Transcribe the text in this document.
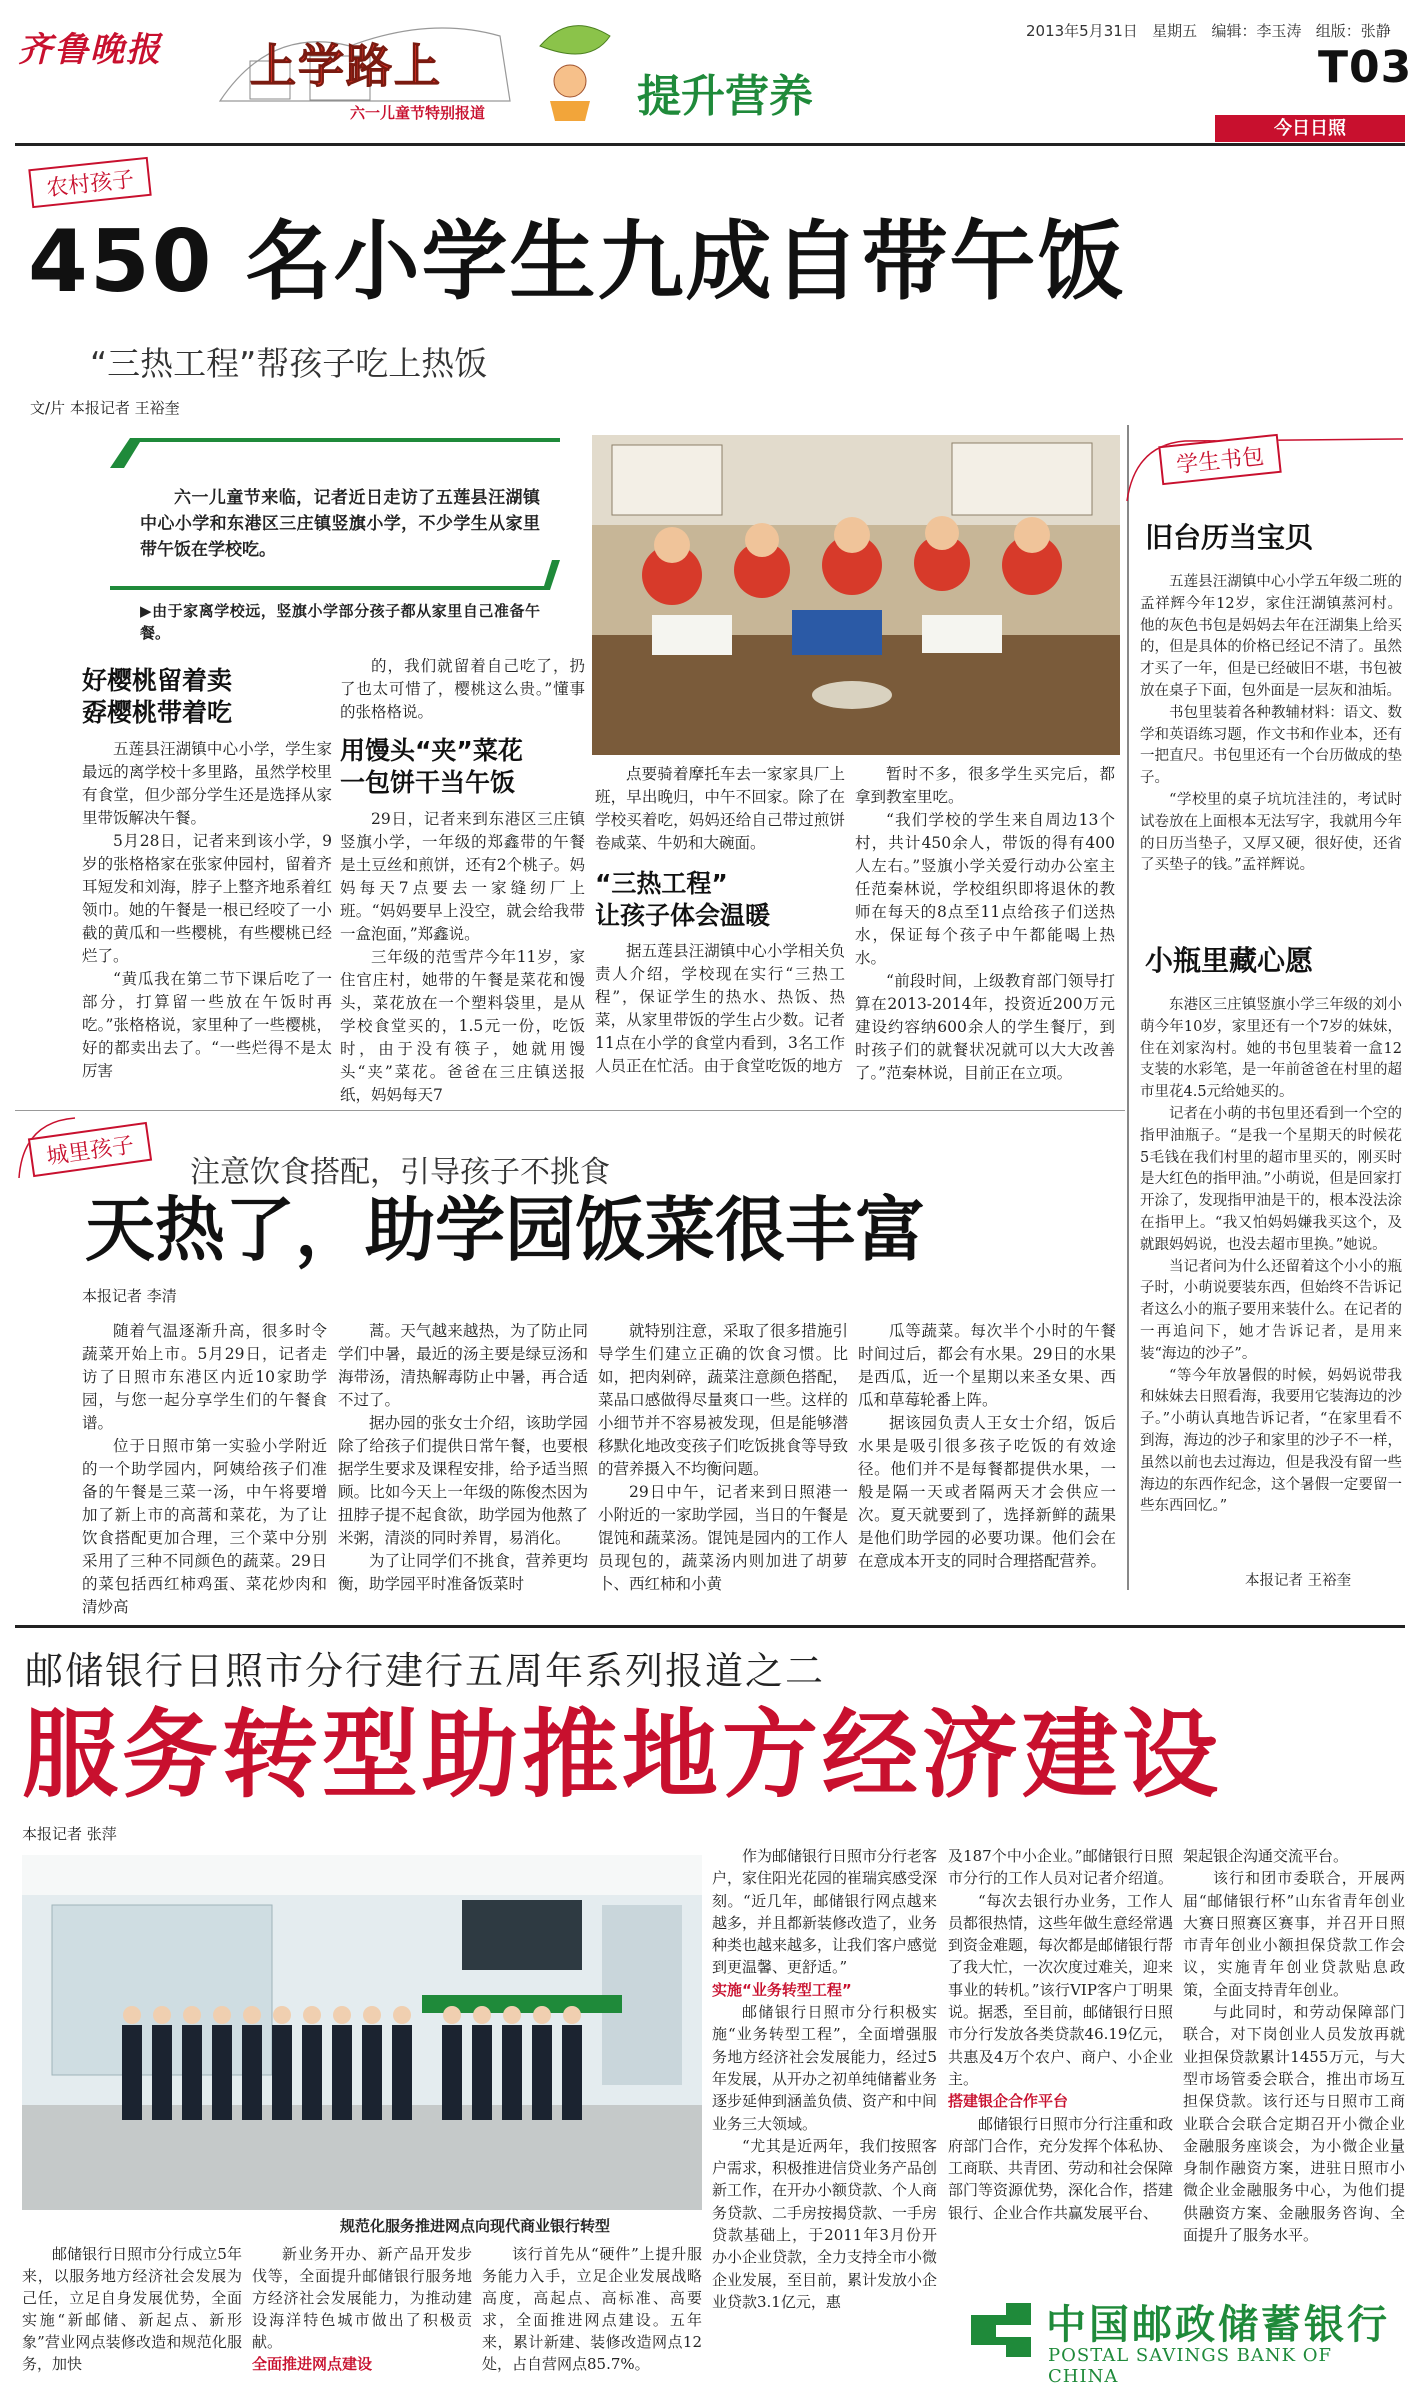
齐鲁晚报 上学路上
六一儿童节特别报道	提升营养
2013年5月31日 星期五 编辑：李玉涛 组版：张静
T03
今日日照
农村孩子
450 名小学生九成自带午饭
“三热工程”帮孩子吃上热饭
文/片 本报记者 王裕奎
六一儿童节来临，记者近日走访了五莲县汪湖镇中心小学和东港区三庄镇竖旗小学，不少学生从家里带午饭在学校吃。
▶由于家离学校远，竖旗小学部分孩子都从家里自己准备午餐。
好樱桃留着卖
孬樱桃带着吃

五莲县汪湖镇中心小学，学生家最远的离学校十多里路，虽然学校里有食堂，但少部分学生还是选择从家里带饭解决午餐。

5月28日，记者来到该小学，9岁的张格格家在张家仲园村，留着齐耳短发和刘海，脖子上整齐地系着红领巾。她的午餐是一根已经咬了一小截的黄瓜和一些樱桃，有些樱桃已经烂了。

“黄瓜我在第二节下课后吃了一部分，打算留一些放在午饭时再吃。”张格格说，家里种了一些樱桃，好的都卖出去了。“一些烂得不是太厉害

的，我们就留着自己吃了，扔了也太可惜了，樱桃这么贵。”懂事的张格格说。

用馒头“夹”菜花
一包饼干当午饭

29日，记者来到东港区三庄镇竖旗小学，一年级的郑鑫带的午餐是土豆丝和煎饼，还有2个桃子。妈妈每天7点要去一家缝纫厂上班。“妈妈要早上没空，就会给我带一盒泡面，”郑鑫说。

三年级的范雪芹今年11岁，家住官庄村，她带的午餐是菜花和馒头，菜花放在一个塑料袋里，是从学校食堂买的，1.5元一份，吃饭时，由于没有筷子，她就用馒头“夹”菜花。爸爸在三庄镇送报纸，妈妈每天7

点要骑着摩托车去一家家具厂上班，早出晚归，中午不回家。除了在学校买着吃，妈妈还给自己带过煎饼卷咸菜、牛奶和大碗面。

“三热工程”
让孩子体会温暖

据五莲县汪湖镇中心小学相关负责人介绍，学校现在实行“三热工程”，保证学生的热水、热饭、热菜，从家里带饭的学生占少数。记者11点在小学的食堂内看到，3名工作人员正在忙活。由于食堂吃饭的地方

暂时不多，很多学生买完后，都拿到教室里吃。

“我们学校的学生来自周边13个村，共计450余人，带饭的得有400人左右。”竖旗小学关爱行动办公室主任范秦林说，学校组织即将退休的教师在每天的8点至11点给孩子们送热水，保证每个孩子中午都能喝上热水。

“前段时间，上级教育部门领导打算在2013-2014年，投资近200万元建设约容纳600余人的学生餐厅，到时孩子们的就餐状况就可以大大改善了。”范秦林说，目前正在立项。

学生书包
旧台历当宝贝

五莲县汪湖镇中心小学五年级二班的孟祥辉今年12岁，家住汪湖镇蒸河村。他的灰色书包是妈妈去年在汪湖集上给买的，但是具体的价格已经记不清了。虽然才买了一年，但是已经破旧不堪，书包被放在桌子下面，包外面是一层灰和油垢。

书包里装着各种教辅材料：语文、数学和英语练习题，作文书和作业本，还有一把直尺。书包里还有一个台历做成的垫子。

“学校里的桌子坑坑洼洼的，考试时试卷放在上面根本无法写字，我就用今年的日历当垫子，又厚又硬，很好使，还省了买垫子的钱。”孟祥辉说。

小瓶里藏心愿

东港区三庄镇竖旗小学三年级的刘小萌今年10岁，家里还有一个7岁的妹妹，住在刘家沟村。她的书包里装着一盒12支装的水彩笔，是一年前爸爸在村里的超市里花4.5元给她买的。

记者在小萌的书包里还看到一个空的指甲油瓶子。“是我一个星期天的时候花5毛钱在我们村里的超市里买的，刚买时是大红色的指甲油。”小萌说，但是回家打开涂了，发现指甲油是干的，根本没法涂在指甲上。“我又怕妈妈嫌我买这个，及就跟妈妈说，也没去超市里换。”她说。

当记者问为什么还留着这个小小的瓶子时，小萌说要装东西，但始终不告诉记者这么小的瓶子要用来装什么。在记者的一再追问下，她才告诉记者，是用来装“海边的沙子”。

“等今年放暑假的时候，妈妈说带我和妹妹去日照看海，我要用它装海边的沙子。”小萌认真地告诉记者，“在家里看不到海，海边的沙子和家里的沙子不一样，虽然以前也去过海边，但是我没有留一些海边的东西作纪念，这个暑假一定要留一些东西回忆。”

本报记者 王裕奎
城里孩子
注意饮食搭配，引导孩子不挑食
天热了，助学园饭菜很丰富
本报记者 李清

随着气温逐渐升高，很多时令蔬菜开始上市。5月29日，记者走访了日照市东港区内近10家助学园，与您一起分享学生们的午餐食谱。

位于日照市第一实验小学附近的一个助学园内，阿姨给孩子们准备的午餐是三菜一汤，中午将要增加了新上市的高蒿和菜花，为了让饮食搭配更加合理，三个菜中分别采用了三种不同颜色的蔬菜。29日的菜包括西红柿鸡蛋、菜花炒肉和清炒高

蒿。天气越来越热，为了防止同学们中暑，最近的汤主要是绿豆汤和海带汤，清热解毒防止中暑，再合适不过了。

据办园的张女士介绍，该助学园除了给孩子们提供日常午餐，也要根据学生要求及课程安排，给予适当照顾。比如今天上一年级的陈俊杰因为扭脖子提不起食欲，助学园为他熬了米粥，清淡的同时养胃，易消化。

为了让同学们不挑食，营养更均衡，助学园平时准备饭菜时

就特别注意，采取了很多措施引导学生们建立正确的饮食习惯。比如，把肉剁碎，蔬菜注意颜色搭配，菜品口感做得尽量爽口一些。这样的小细节并不容易被发现，但是能够潜移默化地改变孩子们吃饭挑食等导致的营养摄入不均衡问题。

29日中午，记者来到日照港一小附近的一家助学园，当日的午餐是馄饨和蔬菜汤。馄饨是园内的工作人员现包的，蔬菜汤内则加进了胡萝卜、西红柿和小黄

瓜等蔬菜。每次半个小时的午餐时间过后，都会有水果。29日的水果是西瓜，近一个星期以来圣女果、西瓜和草莓轮番上阵。

据该园负责人王女士介绍，饭后水果是吸引很多孩子吃饭的有效途径。他们并不是每餐都提供水果，一般是隔一天或者隔两天才会供应一次。夏天就要到了，选择新鲜的蔬果是他们助学园的必要功课。他们会在在意成本开支的同时合理搭配营养。

邮储银行日照市分行建行五周年系列报道之二
服务转型助推地方经济建设
本报记者 张萍
规范化服务推进网点向现代商业银行转型

邮储银行日照市分行成立5年来，以服务地方经济社会发展为己任，立足自身发展优势，全面实施“新邮储、新起点、新形象”营业网点装修改造和规范化服务，加快

新业务开办、新产品开发步伐等，全面提升邮储银行服务地方经济社会发展能力，为推动建设海洋特色城市做出了积极贡献。

全面推进网点建设

该行首先从“硬件”上提升服务能力入手，立足企业发展战略高度，高起点、高标准、高要求，全面推进网点建设。五年来，累计新建、装修改造网点12处，占自营网点85.7%。

作为邮储银行日照市分行老客户，家住阳光花园的崔瑞宾感受深刻。“近几年，邮储银行网点越来越多，并且都新装修改造了，业务种类也越来越多，让我们客户感觉到更温馨、更舒适。”

实施“业务转型工程”

邮储银行日照市分行积极实施“业务转型工程”，全面增强服务地方经济社会发展能力，经过5年发展，从开办之初单纯储蓄业务逐步延伸到涵盖负债、资产和中间业务三大领域。

“尤其是近两年，我们按照客户需求，积极推进信贷业务产品创新工作，在开办小额贷款、个人商务贷款、二手房按揭贷款、一手房贷款基础上，于2011年3月份开办小企业贷款，全力支持全市小微企业发展，至目前，累计发放小企业贷款3.1亿元，惠

及187个中小企业。”邮储银行日照市分行的工作人员对记者介绍道。

“每次去银行办业务，工作人员都很热情，这些年做生意经常遇到资金难题，每次都是邮储银行帮了我大忙，一次次度过难关，迎来事业的转机。”该行VIP客户丁明果说。据悉，至目前，邮储银行日照市分行发放各类贷款46.19亿元，共惠及4万个农户、商户、小企业主。

搭建银企合作平台

邮储银行日照市分行注重和政府部门合作，充分发挥个体私协、工商联、共青团、劳动和社会保障部门等资源优势，深化合作，搭建银行、企业合作共赢发展平台、

架起银企沟通交流平台。

该行和团市委联合，开展两届“邮储银行杯”山东省青年创业大赛日照赛区赛事，并召开日照市青年创业小额担保贷款工作会议，实施青年创业贷款贴息政策，全面支持青年创业。

与此同时，和劳动保障部门联合，对下岗创业人员发放再就业担保贷款累计1455万元，与大型市场管委会联合，推出市场互担保贷款。该行还与日照市工商业联合会联合定期召开小微企业金融服务座谈会，为小微企业量身制作融资方案，进驻日照市小微企业金融服务中心，为他们提供融资方案、金融服务咨询、全面提升了服务水平。

中国邮政储蓄银行
POSTAL SAVINGS BANK OF CHINA
